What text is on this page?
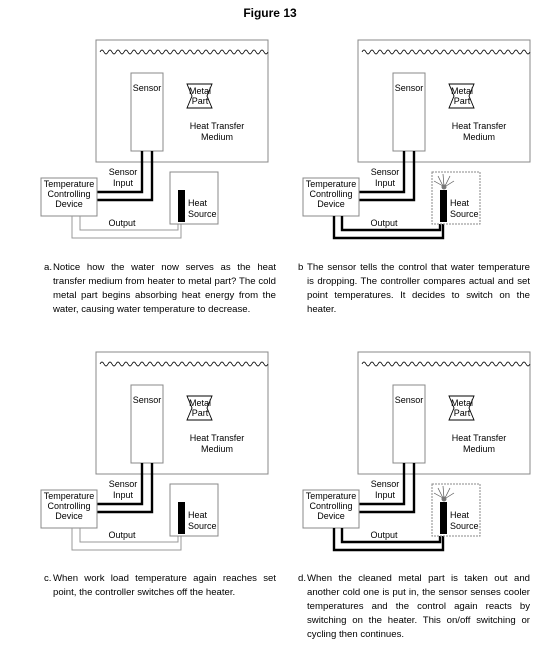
Figure 13
Sensor	Metal
Part
Heat Transfer
Medium
Sensor
Input
Temperature
Controlling
Device
Output
Heat
Source
Sensor	Metal
Part
Heat Transfer
Medium
Sensor
Input
Temperature
Controlling
Device
Output
Heat
Source
Sensor	Metal
Part
Heat Transfer
Medium
Sensor
Input
Temperature
Controlling
Device
Output
Heat
Source
Sensor	Metal
Part
Heat Transfer
Medium
Sensor
Input
Temperature
Controlling
Device
Output
Heat
Source
a. Notice how the water now serves as the heat transfer medium from heater to metal part? The cold metal part begins absorbing heat energy from the water, causing water temperature to decrease.
b The sensor tells the control that water temperature is dropping. The controller compares actual and set point temperatures. It decides to switch on the heater.
c. When work load temperature again reaches set point, the controller switches off the heater.
d. When the cleaned metal part is taken out and another cold one is put in, the sensor senses cooler temperatures and the control again reacts by switching on the heater. This on/off switching or cycling then continues.
